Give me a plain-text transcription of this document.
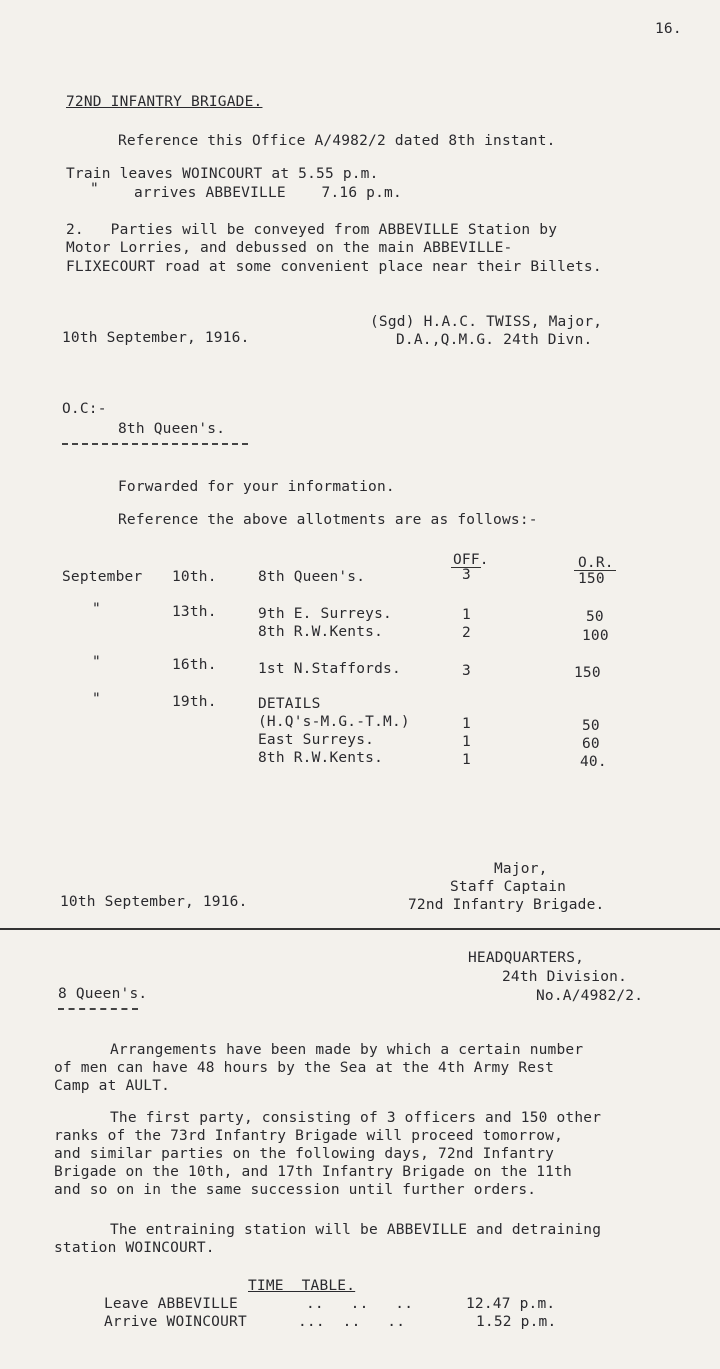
16.
72ND INFANTRY BRIGADE.
Reference this Office A/4982/2 dated 8th instant.
Train leaves WOINCOURT at 5.55 p.m.
" arrives ABBEVILLE    7.16 p.m.
2.   Parties will be conveyed from ABBEVILLE Station by
Motor Lorries, and debussed on the main ABBEVILLE-
FLIXECOURT road at some convenient place near their Billets.
(Sgd) H.A.C. TWISS, Major,
D.A.,Q.M.G. 24th Divn.
10th September, 1916.
O.C:-
8th Queen's.
Forwarded for your information.
Reference the above allotments are as follows:-
OFF.	O.R.
September 10th.	8th Queen's.	3	150
"	13th.	9th E. Surreys.	1	50
8th R.W.Kents.	2	100
"	16th.	1st N.Staffords.	3	150
"	19th.	DETAILS
(H.Q's-M.G.-T.M.)	1	50
East Surreys.	1	60
8th R.W.Kents.	1	40.
Major,
Staff Captain
72nd Infantry Brigade.
10th September, 1916.
HEADQUARTERS,
24th Division.
No.A/4982/2.
8 Queen's.
Arrangements have been made by which a certain number
of men can have 48 hours by the Sea at the 4th Army Rest
Camp at AULT.
The first party, consisting of 3 officers and 150 other
ranks of the 73rd Infantry Brigade will proceed tomorrow,
and similar parties on the following days, 72nd Infantry
Brigade on the 10th, and 17th Infantry Brigade on the 11th
and so on in the same succession until further orders.
The entraining station will be ABBEVILLE and detraining
station WOINCOURT.
TIME  TABLE.
Leave ABBEVILLE	..   ..   ..	12.47 p.m.
Arrive WOINCOURT	...  ..   ..	1.52 p.m.
